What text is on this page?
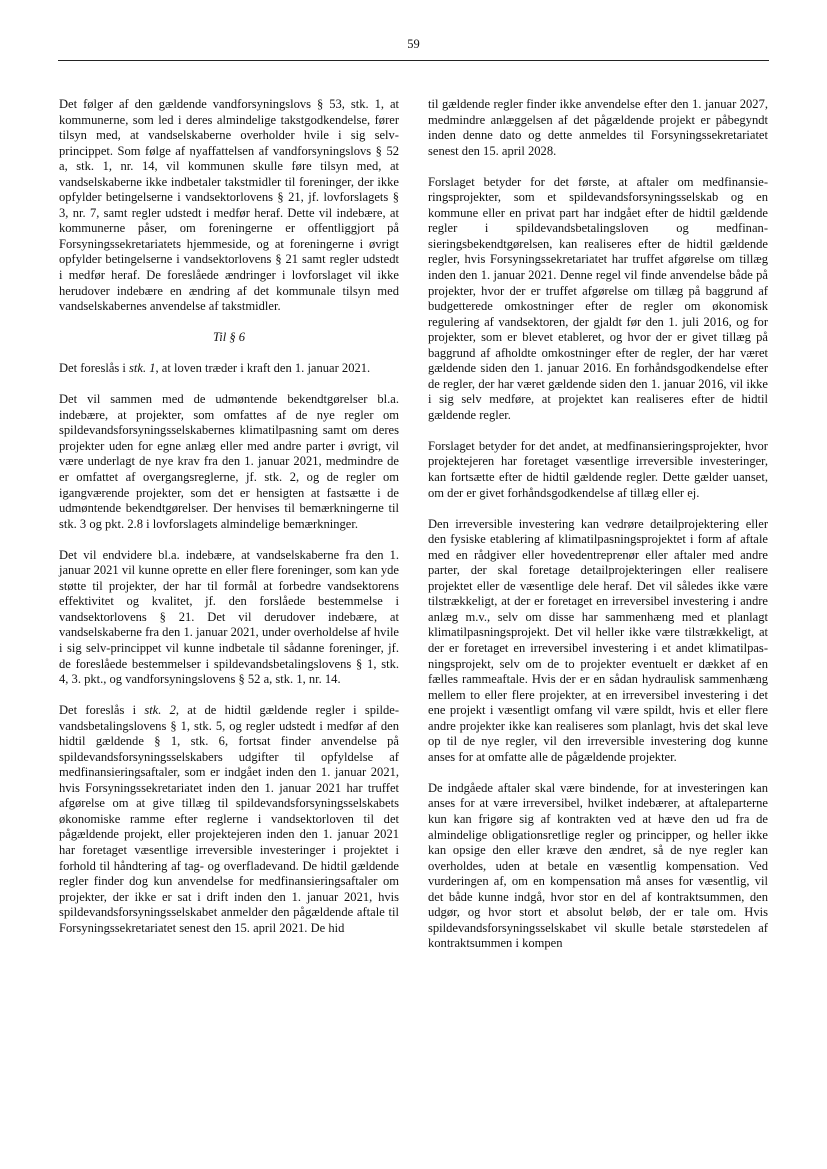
59

Det følger af den gældende vandforsyningslovs § 53, stk. 1, at kommunerne, som led i deres almindelige takstgodkendelse, fører tilsyn med, at vandselskaberne overholder hvile i sig selv-princippet. Som følge af nyaffattelsen af vandforsyningslovs § 52 a, stk. 1, nr. 14, vil kommunen skulle føre tilsyn med, at vandselskaberne ikke indbetaler takstmidler til foreninger, der ikke opfylder betingelserne i vandsektorlovens § 21, jf. lovforslagets § 3, nr. 7, samt regler udstedt i medfør heraf. Dette vil indebære, at kommunerne påser, om foreningerne er offentliggjort på Forsyningssekretariatets hjemmeside, og at foreningerne i øvrigt opfylder betingelserne i vandsektorlovens § 21 samt regler udstedt i medfør heraf. De foreslåede ændringer i lovforslaget vil ikke herudover indebære en ændring af det kommunale tilsyn med vandselskabernes anvendelse af takstmidler.

Til § 6

Det foreslås i stk. 1, at loven træder i kraft den 1. januar 2021.

Det vil sammen med de udmøntende bekendtgørelser bl.a. indebære, at projekter, som omfattes af de nye regler om spildevandsforsyningsselskabernes klimatilpasning samt om deres projekter uden for egne anlæg eller med andre parter i øvrigt, vil være underlagt de nye krav fra den 1. januar 2021, medmindre de er omfattet af overgangsreglerne, jf. stk. 2, og de regler om igangværende projekter, som det er hensigten at fastsætte i de udmøntende bekendtgørelser. Der henvises til bemærkningerne til stk. 3 og pkt. 2.8 i lovforslagets almindelige bemærkninger.

Det vil endvidere bl.a. indebære, at vandselskaberne fra den 1. januar 2021 vil kunne oprette en eller flere foreninger, som kan yde støtte til projekter, der har til formål at forbedre vandsektorens effektivitet og kvalitet, jf. den forslåede bestemmelse i vandsektorlovens § 21. Det vil derudover indebære, at vandselskaberne fra den 1. januar 2021, under overholdelse af hvile i sig selv-princippet vil kunne indbetale til sådanne foreninger, jf. de foreslåede bestemmelser i spildevandsbetalingslovens § 1, stk. 4, 3. pkt., og vandforsyningslovens § 52 a, stk. 1, nr. 14.

Det foreslås i stk. 2, at de hidtil gældende regler i spildevandsbetalingslovens § 1, stk. 5, og regler udstedt i medfør af den hidtil gældende § 1, stk. 6, fortsat finder anvendelse på spildevandsforsyningsselskabers udgifter til opfyldelse af medfinansieringsaftaler, som er indgået inden den 1. januar 2021, hvis Forsyningssekretariatet inden den 1. januar 2021 har truffet afgørelse om at give tillæg til spildevandsforsyningsselskabets økonomiske ramme efter reglerne i vandsektorloven til det pågældende projekt, eller projektejeren inden den 1. januar 2021 har foretaget væsentlige irreversible investeringer i projektet i forhold til håndtering af tag- og overfladevand. De hidtil gældende regler finder dog kun anvendelse for medfinansieringsaftaler om projekter, der ikke er sat i drift inden den 1. januar 2021, hvis spildevandsforsyningsselskabet anmelder den pågældende aftale til Forsyningssekretariatet senest den 15. april 2021. De hid

til gældende regler finder ikke anvendelse efter den 1. januar 2027, medmindre anlæggelsen af det pågældende projekt er påbegyndt inden denne dato og dette anmeldes til Forsyningssekretariatet senest den 15. april 2028.

Forslaget betyder for det første, at aftaler om medfinansieringsprojekter, som et spildevandsforsyningsselskab og en kommune eller en privat part har indgået efter de hidtil gældende regler i spildevandsbetalingsloven og medfinansieringsbekendtgørelsen, kan realiseres efter de hidtil gældende regler, hvis Forsyningssekretariatet har truffet afgørelse om tillæg inden den 1. januar 2021. Denne regel vil finde anvendelse både på projekter, hvor der er truffet afgørelse om tillæg på baggrund af budgetterede omkostninger efter de regler om økonomisk regulering af vandsektoren, der gjaldt før den 1. juli 2016, og for projekter, som er blevet etableret, og hvor der er givet tillæg på baggrund af afholdte omkostninger efter de regler, der har været gældende siden den 1. januar 2016. En forhåndsgodkendelse efter de regler, der har været gældende siden den 1. januar 2016, vil ikke i sig selv medføre, at projektet kan realiseres efter de hidtil gældende regler.

Forslaget betyder for det andet, at medfinansieringsprojekter, hvor projektejeren har foretaget væsentlige irreversible investeringer, kan fortsætte efter de hidtil gældende regler. Dette gælder uanset, om der er givet forhåndsgodkendelse af tillæg eller ej.

Den irreversible investering kan vedrøre detailprojektering eller den fysiske etablering af klimatilpasningsprojektet i form af aftale med en rådgiver eller hovedentreprenør eller aftaler med andre parter, der skal foretage detailprojekteringen eller realisere projektet eller de væsentlige dele heraf. Det vil således ikke være tilstrækkeligt, at der er foretaget en irreversibel investering i andre anlæg m.v., selv om disse har sammenhæng med et planlagt klimatilpasningsprojekt. Det vil heller ikke være tilstrækkeligt, at der er foretaget en irreversibel investering i et andet klimatilpasningsprojekt, selv om de to projekter eventuelt er dækket af en fælles rammeaftale. Hvis der er en sådan hydraulisk sammenhæng mellem to eller flere projekter, at en irreversibel investering i det ene projekt i væsentligt omfang vil være spildt, hvis et eller flere andre projekter ikke kan realiseres som planlagt, hvis det skal leve op til de nye regler, vil den irreversible investering dog kunne anses for at omfatte alle de pågældende projekter.

De indgåede aftaler skal være bindende, for at investeringen kan anses for at være irreversibel, hvilket indebærer, at aftaleparterne kun kan frigøre sig af kontrakten ved at hæve den ud fra de almindelige obligationsretlige regler og principper, og heller ikke kan opsige den eller kræve den ændret, så de nye regler kan overholdes, uden at betale en væsentlig kompensation. Ved vurderingen af, om en kompensation må anses for væsentlig, vil det både kunne indgå, hvor stor en del af kontraktsummen, den udgør, og hvor stort et absolut beløb, der er tale om. Hvis spildevandsforsyningsselskabet vil skulle betale størstedelen af kontraktsummen i kompen
